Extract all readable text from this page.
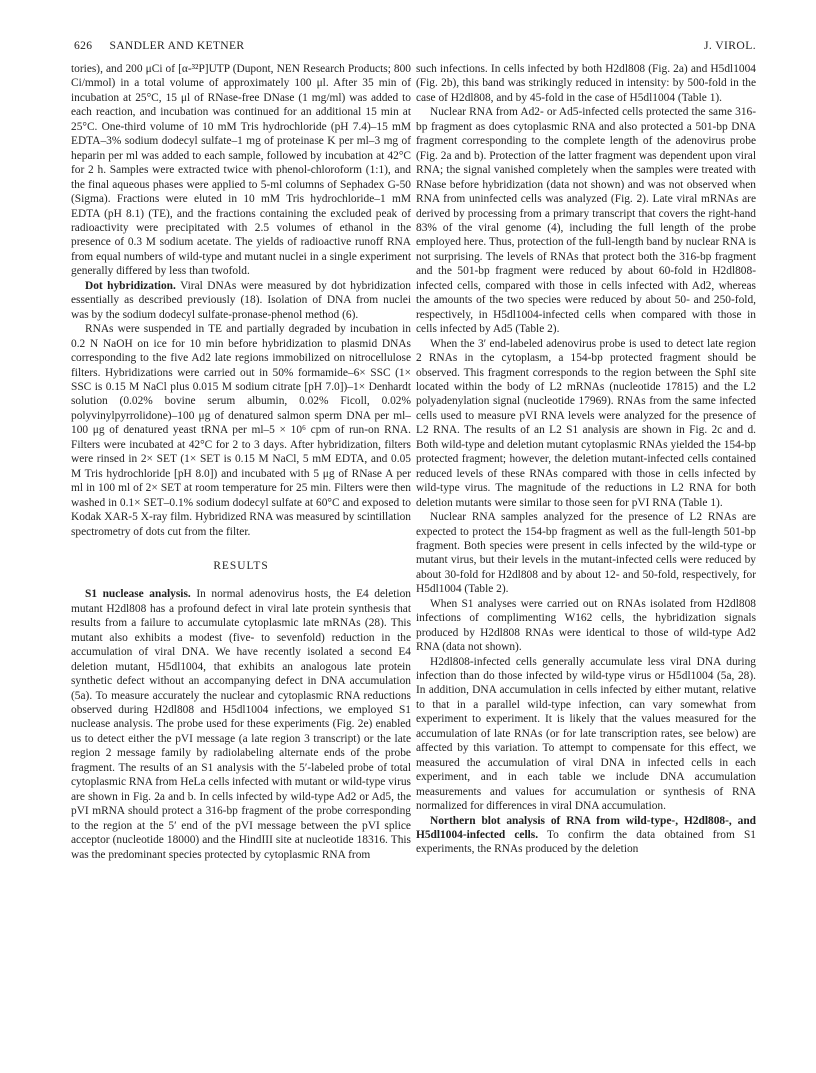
626 SANDLER AND KETNER	J. VIROL.

tories), and 200 μCi of [α-³²P]UTP (Dupont, NEN Research Products; 800 Ci/mmol) in a total volume of approximately 100 μl. After 35 min of incubation at 25°C, 15 μl of RNase-free DNase (1 mg/ml) was added to each reaction, and incubation was continued for an additional 15 min at 25°C. One-third volume of 10 mM Tris hydrochloride (pH 7.4)–15 mM EDTA–3% sodium dodecyl sulfate–1 mg of proteinase K per ml–3 mg of heparin per ml was added to each sample, followed by incubation at 42°C for 2 h. Samples were extracted twice with phenol-chloroform (1:1), and the final aqueous phases were applied to 5-ml columns of Sephadex G-50 (Sigma). Fractions were eluted in 10 mM Tris hydrochloride–1 mM EDTA (pH 8.1) (TE), and the fractions containing the excluded peak of radioactivity were precipitated with 2.5 volumes of ethanol in the presence of 0.3 M sodium acetate. The yields of radioactive runoff RNA from equal numbers of wild-type and mutant nuclei in a single experiment generally differed by less than twofold.

Dot hybridization. Viral DNAs were measured by dot hybridization essentially as described previously (18). Isolation of DNA from nuclei was by the sodium dodecyl sulfate-pronase-phenol method (6).

RNAs were suspended in TE and partially degraded by incubation in 0.2 N NaOH on ice for 10 min before hybridization to plasmid DNAs corresponding to the five Ad2 late regions immobilized on nitrocellulose filters. Hybridizations were carried out in 50% formamide–6× SSC (1× SSC is 0.15 M NaCl plus 0.015 M sodium citrate [pH 7.0])–1× Denhardt solution (0.02% bovine serum albumin, 0.02% Ficoll, 0.02% polyvinylpyrrolidone)–100 μg of denatured salmon sperm DNA per ml–100 μg of denatured yeast tRNA per ml–5 × 10⁶ cpm of run-on RNA. Filters were incubated at 42°C for 2 to 3 days. After hybridization, filters were rinsed in 2× SET (1× SET is 0.15 M NaCl, 5 mM EDTA, and 0.05 M Tris hydrochloride [pH 8.0]) and incubated with 5 μg of RNase A per ml in 100 ml of 2× SET at room temperature for 25 min. Filters were then washed in 0.1× SET–0.1% sodium dodecyl sulfate at 60°C and exposed to Kodak XAR-5 X-ray film. Hybridized RNA was measured by scintillation spectrometry of dots cut from the filter.

RESULTS

S1 nuclease analysis. In normal adenovirus hosts, the E4 deletion mutant H2dl808 has a profound defect in viral late protein synthesis that results from a failure to accumulate cytoplasmic late mRNAs (28). This mutant also exhibits a modest (five- to sevenfold) reduction in the accumulation of viral DNA. We have recently isolated a second E4 deletion mutant, H5dl1004, that exhibits an analogous late protein synthetic defect without an accompanying defect in DNA accumulation (5a). To measure accurately the nuclear and cytoplasmic RNA reductions observed during H2dl808 and H5dl1004 infections, we employed S1 nuclease analysis. The probe used for these experiments (Fig. 2e) enabled us to detect either the pVI message (a late region 3 transcript) or the late region 2 message family by radiolabeling alternate ends of the probe fragment. The results of an S1 analysis with the 5′-labeled probe of total cytoplasmic RNA from HeLa cells infected with mutant or wild-type virus are shown in Fig. 2a and b. In cells infected by wild-type Ad2 or Ad5, the pVI mRNA should protect a 316-bp fragment of the probe corresponding to the region at the 5′ end of the pVI message between the pVI splice acceptor (nucleotide 18000) and the HindIII site at nucleotide 18316. This was the predominant species protected by cytoplasmic RNA from

such infections. In cells infected by both H2dl808 (Fig. 2a) and H5dl1004 (Fig. 2b), this band was strikingly reduced in intensity: by 500-fold in the case of H2dl808, and by 45-fold in the case of H5dl1004 (Table 1).

Nuclear RNA from Ad2- or Ad5-infected cells protected the same 316-bp fragment as does cytoplasmic RNA and also protected a 501-bp DNA fragment corresponding to the complete length of the adenovirus probe (Fig. 2a and b). Protection of the latter fragment was dependent upon viral RNA; the signal vanished completely when the samples were treated with RNase before hybridization (data not shown) and was not observed when RNA from uninfected cells was analyzed (Fig. 2). Late viral mRNAs are derived by processing from a primary transcript that covers the right-hand 83% of the viral genome (4), including the full length of the probe employed here. Thus, protection of the full-length band by nuclear RNA is not surprising. The levels of RNAs that protect both the 316-bp fragment and the 501-bp fragment were reduced by about 60-fold in H2dl808-infected cells, compared with those in cells infected with Ad2, whereas the amounts of the two species were reduced by about 50- and 250-fold, respectively, in H5dl1004-infected cells when compared with those in cells infected by Ad5 (Table 2).

When the 3′ end-labeled adenovirus probe is used to detect late region 2 RNAs in the cytoplasm, a 154-bp protected fragment should be observed. This fragment corresponds to the region between the SphI site located within the body of L2 mRNAs (nucleotide 17815) and the L2 polyadenylation signal (nucleotide 17969). RNAs from the same infected cells used to measure pVI RNA levels were analyzed for the presence of L2 RNA. The results of an L2 S1 analysis are shown in Fig. 2c and d. Both wild-type and deletion mutant cytoplasmic RNAs yielded the 154-bp protected fragment; however, the deletion mutant-infected cells contained reduced levels of these RNAs compared with those in cells infected by wild-type virus. The magnitude of the reductions in L2 RNA for both deletion mutants were similar to those seen for pVI RNA (Table 1).

Nuclear RNA samples analyzed for the presence of L2 RNAs are expected to protect the 154-bp fragment as well as the full-length 501-bp fragment. Both species were present in cells infected by the wild-type or mutant virus, but their levels in the mutant-infected cells were reduced by about 30-fold for H2dl808 and by about 12- and 50-fold, respectively, for H5dl1004 (Table 2).

When S1 analyses were carried out on RNAs isolated from H2dl808 infections of complimenting W162 cells, the hybridization signals produced by H2dl808 RNAs were identical to those of wild-type Ad2 RNA (data not shown).

H2dl808-infected cells generally accumulate less viral DNA during infection than do those infected by wild-type virus or H5dl1004 (5a, 28). In addition, DNA accumulation in cells infected by either mutant, relative to that in a parallel wild-type infection, can vary somewhat from experiment to experiment. It is likely that the values measured for the accumulation of late RNAs (or for late transcription rates, see below) are affected by this variation. To attempt to compensate for this effect, we measured the accumulation of viral DNA in infected cells in each experiment, and in each table we include DNA accumulation measurements and values for accumulation or synthesis of RNA normalized for differences in viral DNA accumulation.

Northern blot analysis of RNA from wild-type-, H2dl808-, and H5dl1004-infected cells. To confirm the data obtained from S1 experiments, the RNAs produced by the deletion
